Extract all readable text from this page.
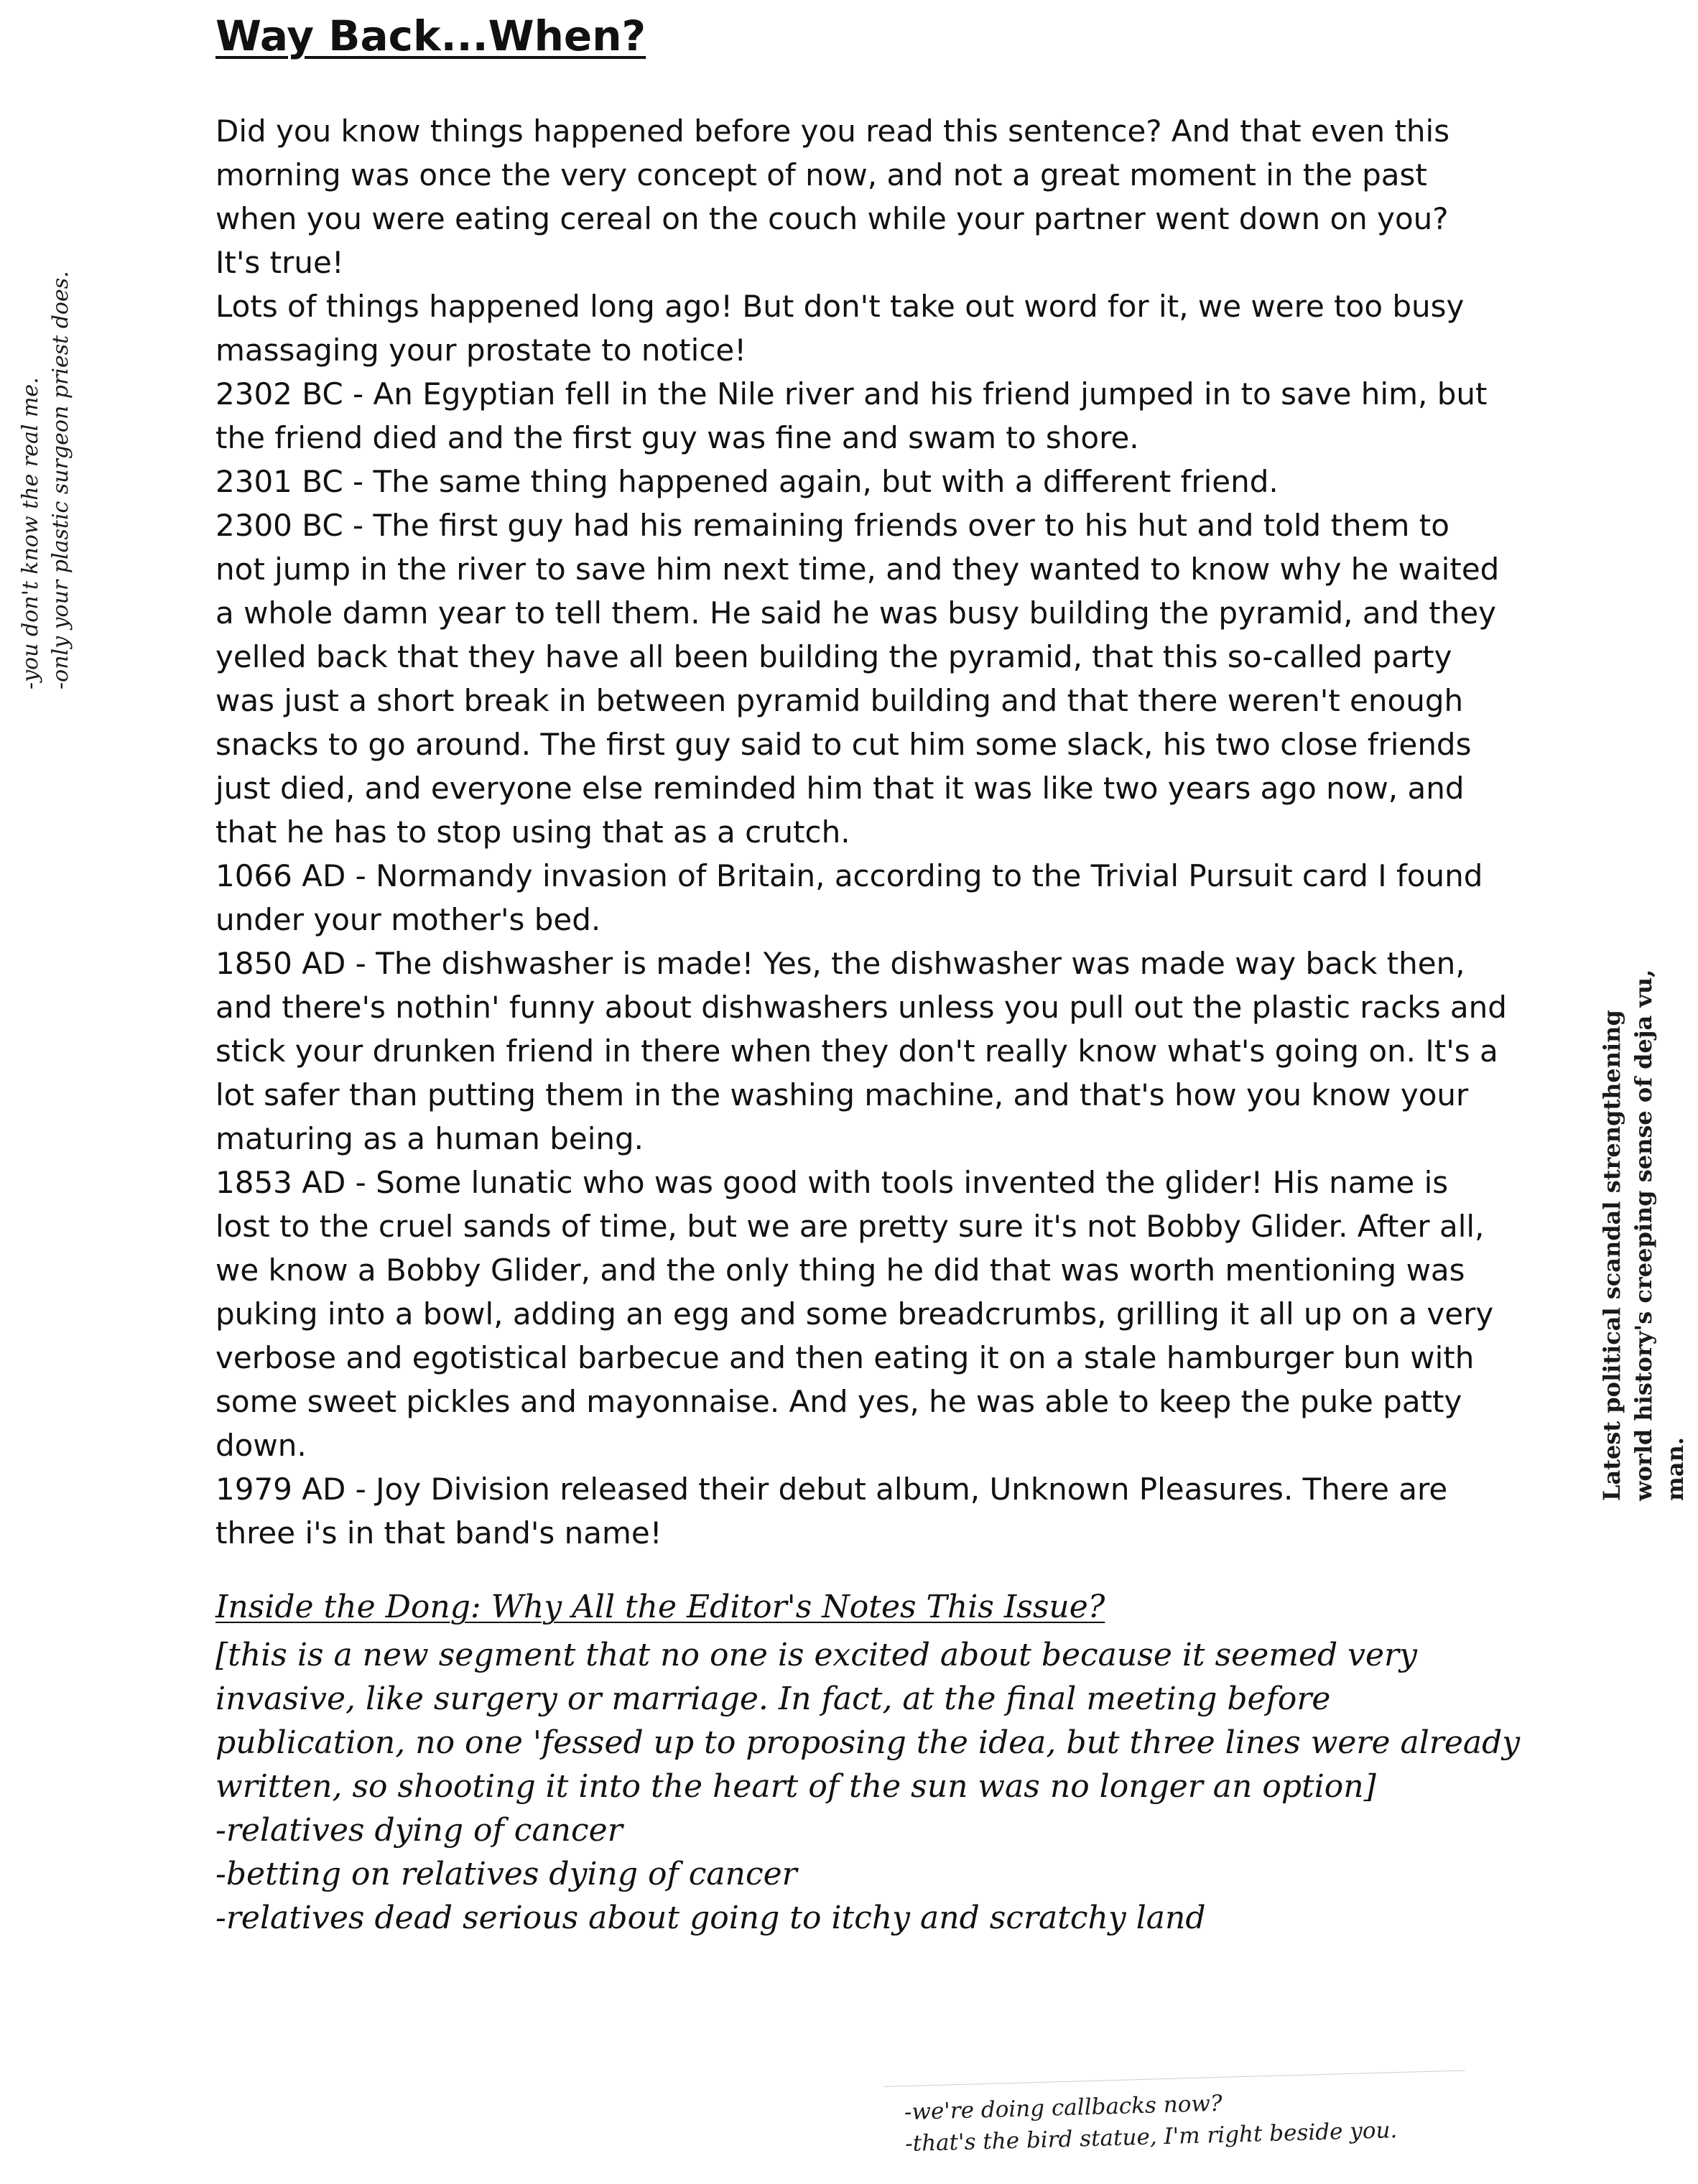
Way Back...When?

Did you know things happened before you read this sentence? And that even this morning was once the very concept of now, and not a great moment in the past when you were eating cereal on the couch while your partner went down on you?

It's true!

Lots of things happened long ago! But don't take out word for it, we were too busy massaging your prostate to notice!

2302 BC - An Egyptian fell in the Nile river and his friend jumped in to save him, but the friend died and the first guy was fine and swam to shore.

2301 BC - The same thing happened again, but with a different friend.

2300 BC - The first guy had his remaining friends over to his hut and told them to not jump in the river to save him next time, and they wanted to know why he waited a whole damn year to tell them. He said he was busy building the pyramid, and they yelled back that they have all been building the pyramid, that this so-called party was just a short break in between pyramid building and that there weren't enough snacks to go around. The first guy said to cut him some slack, his two close friends just died, and everyone else reminded him that it was like two years ago now, and that he has to stop using that as a crutch.

1066 AD - Normandy invasion of Britain, according to the Trivial Pursuit card I found under your mother's bed.

1850 AD - The dishwasher is made! Yes, the dishwasher was made way back then, and there's nothin' funny about dishwashers unless you pull out the plastic racks and stick your drunken friend in there when they don't really know what's going on. It's a lot safer than putting them in the washing machine, and that's how you know your maturing as a human being.

1853 AD - Some lunatic who was good with tools invented the glider! His name is lost to the cruel sands of time, but we are pretty sure it's not Bobby Glider. After all, we know a Bobby Glider, and the only thing he did that was worth mentioning was puking into a bowl, adding an egg and some breadcrumbs, grilling it all up on a very verbose and egotistical barbecue and then eating it on a stale hamburger bun with some sweet pickles and mayonnaise. And yes, he was able to keep the puke patty down.

1979 AD - Joy Division released their debut album, Unknown Pleasures. There are three i's in that band's name!

Inside the Dong: Why All the Editor's Notes This Issue?

[this is a new segment that no one is excited about because it seemed very invasive, like surgery or marriage. In fact, at the final meeting before publication, no one 'fessed up to proposing the idea, but three lines were already written, so shooting it into the heart of the sun was no longer an option]

-relatives dying of cancer

-betting on relatives dying of cancer

-relatives dead serious about going to itchy and scratchy land

-you don't know the real me. -only your plastic surgeon priest does.

Latest political scandal strengthening world history's creeping sense of deja vu, man.

-we're doing callbacks now?

-that's the bird statue, I'm right beside you.
